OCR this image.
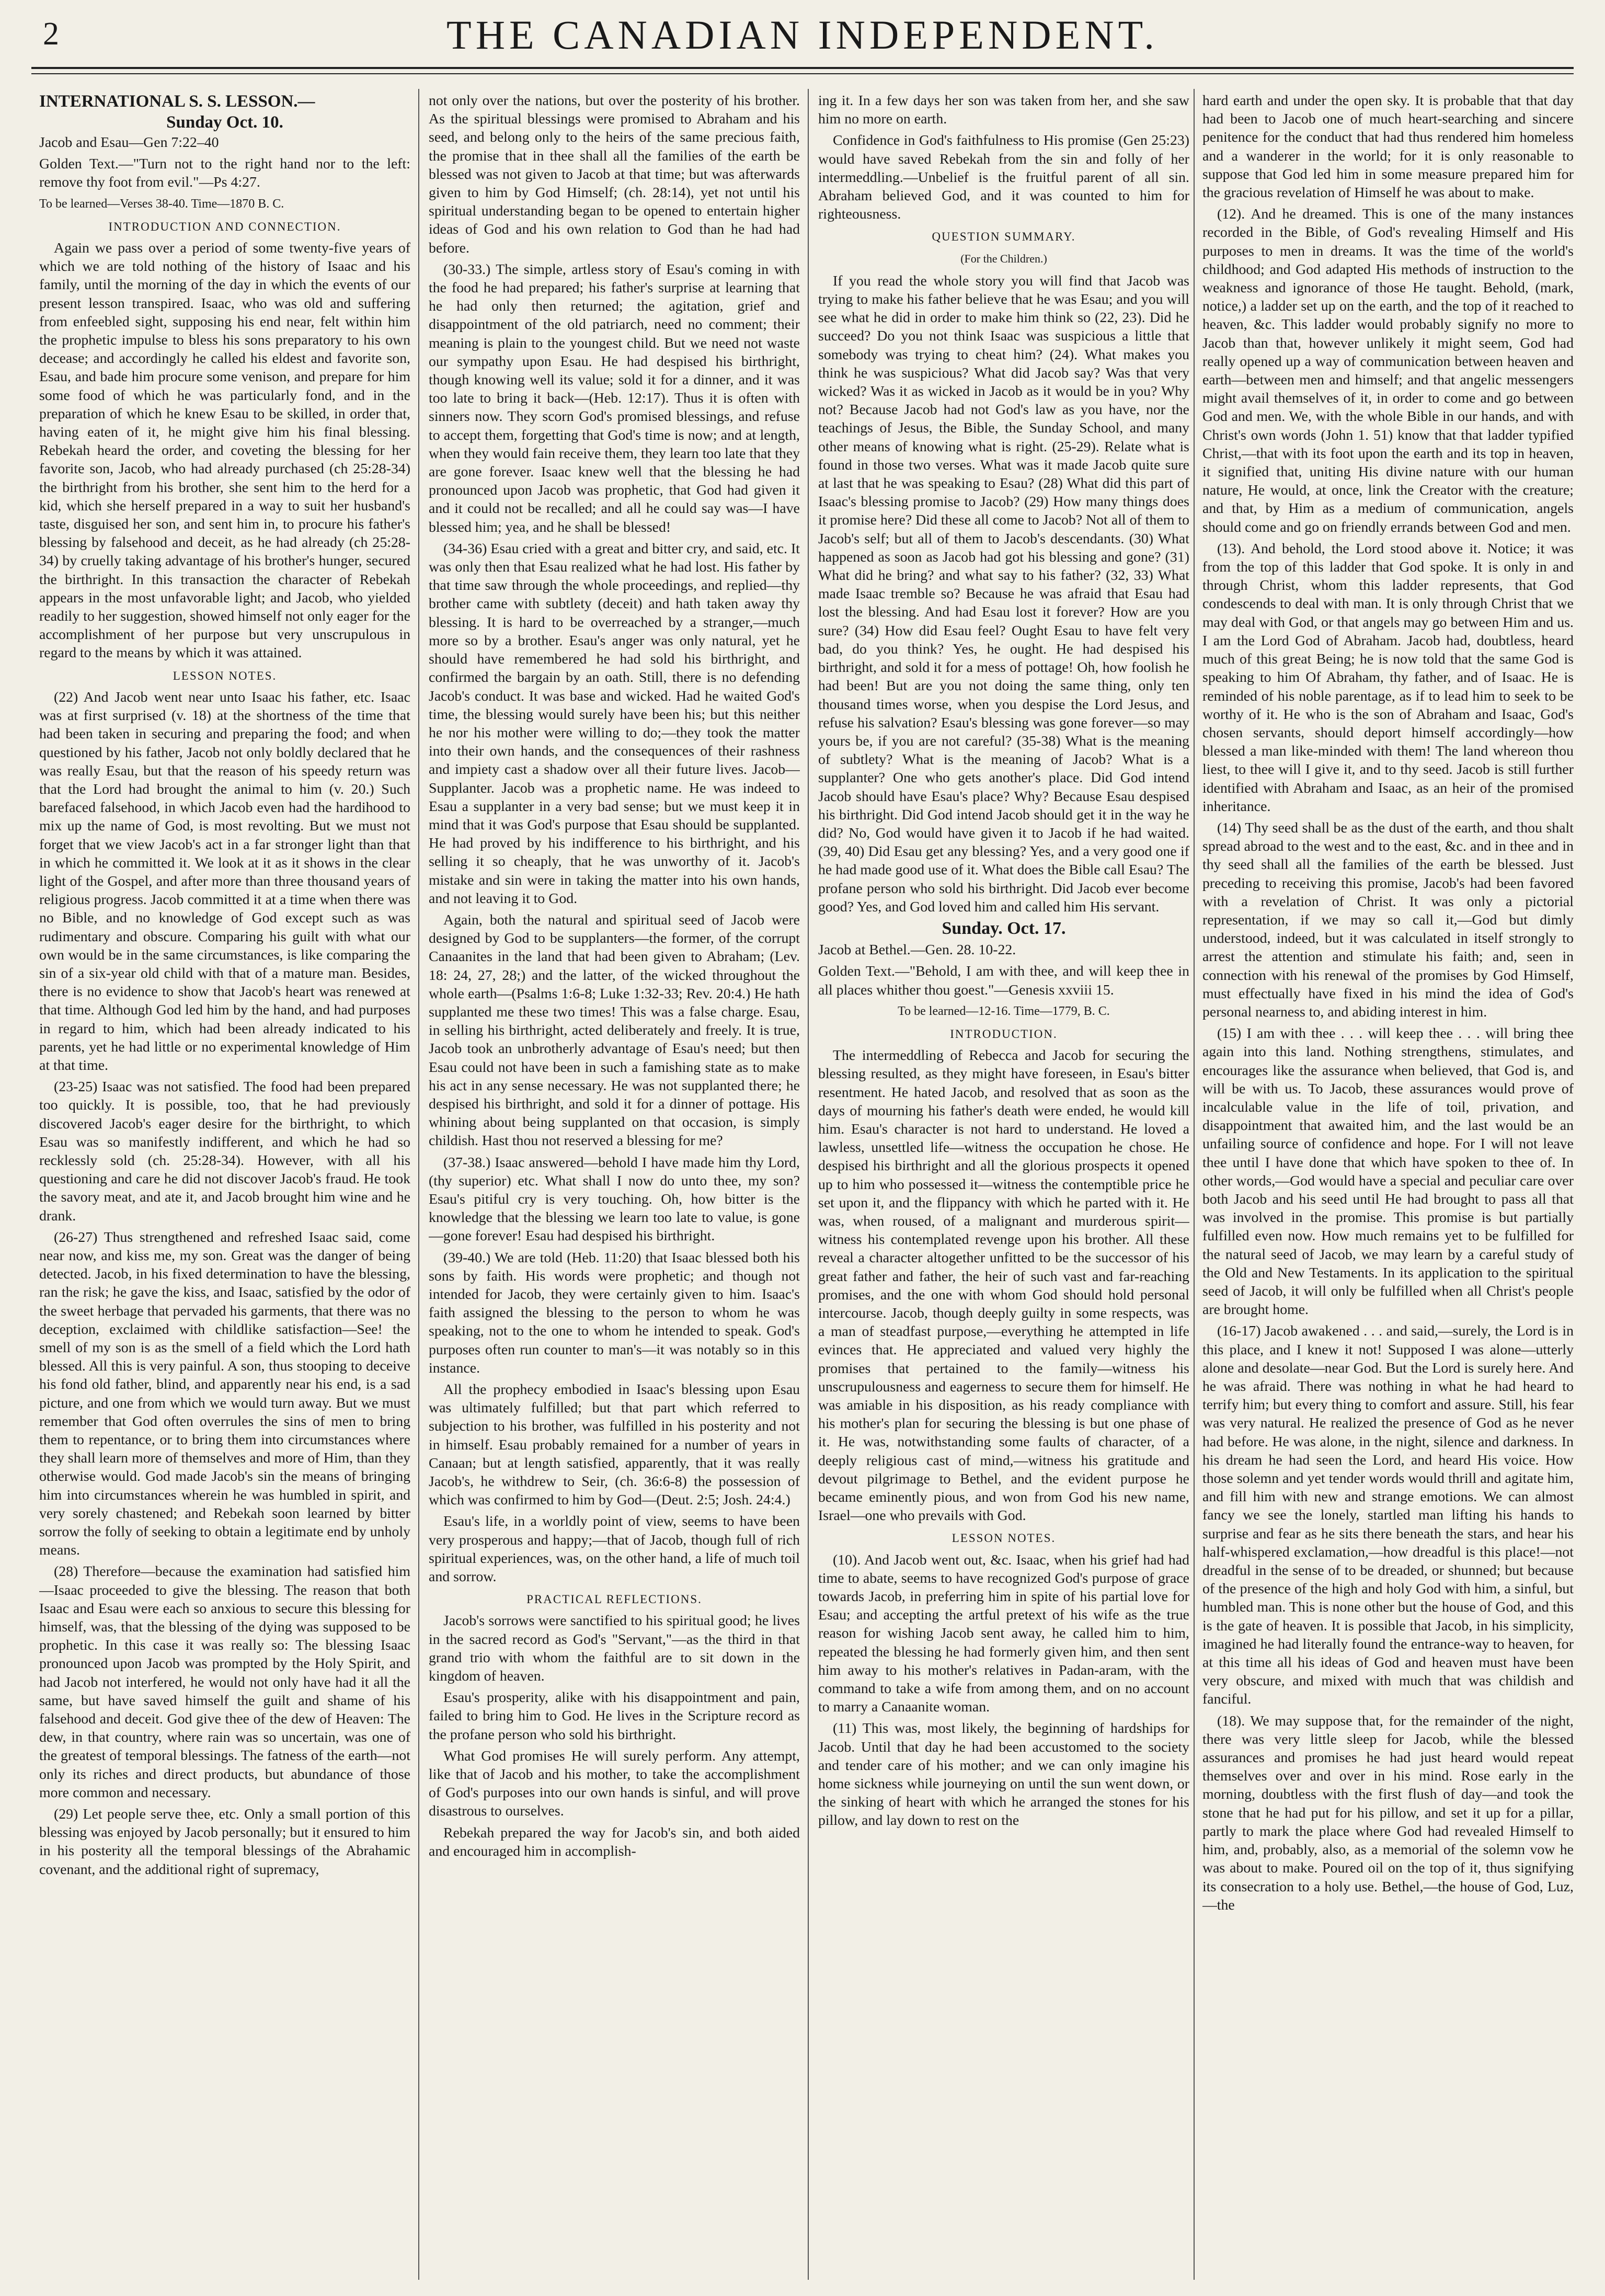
2	THE CANADIAN INDEPENDENT.

INTERNATIONAL S. S. LESSON.—

Sunday Oct. 10.

Jacob and Esau—Gen 7:22–40

Golden Text.—"Turn not to the right hand nor to the left: remove thy foot from evil."—Ps 4:27.

To be learned—Verses 38-40. Time—1870 B. C.

INTRODUCTION AND CONNECTION.

Again we pass over a period of some twenty-five years of which we are told nothing of the history of Isaac and his family, until the morning of the day in which the events of our present lesson transpired. Isaac, who was old and suffering from enfeebled sight, supposing his end near, felt within him the prophetic impulse to bless his sons preparatory to his own decease; and accordingly he called his eldest and favorite son, Esau, and bade him procure some venison, and prepare for him some food of which he was particularly fond, and in the preparation of which he knew Esau to be skilled, in order that, having eaten of it, he might give him his final blessing. Rebekah heard the order, and coveting the blessing for her favorite son, Jacob, who had already purchased (ch 25:28-34) the birthright from his brother, she sent him to the herd for a kid, which she herself prepared in a way to suit her husband's taste, disguised her son, and sent him in, to procure his father's blessing by falsehood and deceit, as he had already (ch 25:28-34) by cruelly taking advantage of his brother's hunger, secured the birthright. In this transaction the character of Rebekah appears in the most unfavorable light; and Jacob, who yielded readily to her suggestion, showed himself not only eager for the accomplishment of her purpose but very unscrupulous in regard to the means by which it was attained.

LESSON NOTES.

(22) And Jacob went near unto Isaac his father, etc. Isaac was at first surprised (v. 18) at the shortness of the time that had been taken in securing and preparing the food; and when questioned by his father, Jacob not only boldly declared that he was really Esau, but that the reason of his speedy return was that the Lord had brought the animal to him (v. 20.) Such barefaced falsehood, in which Jacob even had the hardihood to mix up the name of God, is most revolting. But we must not forget that we view Jacob's act in a far stronger light than that in which he committed it. We look at it as it shows in the clear light of the Gospel, and after more than three thousand years of religious progress. Jacob committed it at a time when there was no Bible, and no knowledge of God except such as was rudimentary and obscure. Comparing his guilt with what our own would be in the same circumstances, is like comparing the sin of a six-year old child with that of a mature man. Besides, there is no evidence to show that Jacob's heart was renewed at that time. Although God led him by the hand, and had purposes in regard to him, which had been already indicated to his parents, yet he had little or no experimental knowledge of Him at that time.

(23-25) Isaac was not satisfied. The food had been prepared too quickly. It is possible, too, that he had previously discovered Jacob's eager desire for the birthright, to which Esau was so manifestly indifferent, and which he had so recklessly sold (ch. 25:28-34). However, with all his questioning and care he did not discover Jacob's fraud. He took the savory meat, and ate it, and Jacob brought him wine and he drank.

(26-27) Thus strengthened and refreshed Isaac said, come near now, and kiss me, my son. Great was the danger of being detected. Jacob, in his fixed determination to have the blessing, ran the risk; he gave the kiss, and Isaac, satisfied by the odor of the sweet herbage that pervaded his garments, that there was no deception, exclaimed with childlike satisfaction—See! the smell of my son is as the smell of a field which the Lord hath blessed. All this is very painful. A son, thus stooping to deceive his fond old father, blind, and apparently near his end, is a sad picture, and one from which we would turn away. But we must remember that God often overrules the sins of men to bring them to repentance, or to bring them into circumstances where they shall learn more of themselves and more of Him, than they otherwise would. God made Jacob's sin the means of bringing him into circumstances wherein he was humbled in spirit, and very sorely chastened; and Rebekah soon learned by bitter sorrow the folly of seeking to obtain a legitimate end by unholy means.

(28) Therefore—because the examination had satisfied him—Isaac proceeded to give the blessing. The reason that both Isaac and Esau were each so anxious to secure this blessing for himself, was, that the blessing of the dying was supposed to be prophetic. In this case it was really so: The blessing Isaac pronounced upon Jacob was prompted by the Holy Spirit, and had Jacob not interfered, he would not only have had it all the same, but have saved himself the guilt and shame of his falsehood and deceit. God give thee of the dew of Heaven: The dew, in that country, where rain was so uncertain, was one of the greatest of temporal blessings. The fatness of the earth—not only its riches and direct products, but abundance of those more common and necessary.

(29) Let people serve thee, etc. Only a small portion of this blessing was enjoyed by Jacob personally; but it ensured to him in his posterity all the temporal blessings of the Abrahamic covenant, and the additional right of supremacy,

not only over the nations, but over the posterity of his brother. As the spiritual blessings were promised to Abraham and his seed, and belong only to the heirs of the same precious faith, the promise that in thee shall all the families of the earth be blessed was not given to Jacob at that time; but was afterwards given to him by God Himself; (ch. 28:14), yet not until his spiritual understanding began to be opened to entertain higher ideas of God and his own relation to God than he had had before.

(30-33.) The simple, artless story of Esau's coming in with the food he had prepared; his father's surprise at learning that he had only then returned; the agitation, grief and disappointment of the old patriarch, need no comment; their meaning is plain to the youngest child. But we need not waste our sympathy upon Esau. He had despised his birthright, though knowing well its value; sold it for a dinner, and it was too late to bring it back—(Heb. 12:17). Thus it is often with sinners now. They scorn God's promised blessings, and refuse to accept them, forgetting that God's time is now; and at length, when they would fain receive them, they learn too late that they are gone forever. Isaac knew well that the blessing he had pronounced upon Jacob was prophetic, that God had given it and it could not be recalled; and all he could say was—I have blessed him; yea, and he shall be blessed!

(34-36) Esau cried with a great and bitter cry, and said, etc. It was only then that Esau realized what he had lost. His father by that time saw through the whole proceedings, and replied—thy brother came with subtlety (deceit) and hath taken away thy blessing. It is hard to be overreached by a stranger,—much more so by a brother. Esau's anger was only natural, yet he should have remembered he had sold his birthright, and confirmed the bargain by an oath. Still, there is no defending Jacob's conduct. It was base and wicked. Had he waited God's time, the blessing would surely have been his; but this neither he nor his mother were willing to do;—they took the matter into their own hands, and the consequences of their rashness and impiety cast a shadow over all their future lives. Jacob—Supplanter. Jacob was a prophetic name. He was indeed to Esau a supplanter in a very bad sense; but we must keep it in mind that it was God's purpose that Esau should be supplanted. He had proved by his indifference to his birthright, and his selling it so cheaply, that he was unworthy of it. Jacob's mistake and sin were in taking the matter into his own hands, and not leaving it to God.

Again, both the natural and spiritual seed of Jacob were designed by God to be supplanters—the former, of the corrupt Canaanites in the land that had been given to Abraham; (Lev. 18: 24, 27, 28;) and the latter, of the wicked throughout the whole earth—(Psalms 1:6-8; Luke 1:32-33; Rev. 20:4.) He hath supplanted me these two times! This was a false charge. Esau, in selling his birthright, acted deliberately and freely. It is true, Jacob took an unbrotherly advantage of Esau's need; but then Esau could not have been in such a famishing state as to make his act in any sense necessary. He was not supplanted there; he despised his birthright, and sold it for a dinner of pottage. His whining about being supplanted on that occasion, is simply childish. Hast thou not reserved a blessing for me?

(37-38.) Isaac answered—behold I have made him thy Lord, (thy superior) etc. What shall I now do unto thee, my son? Esau's pitiful cry is very touching. Oh, how bitter is the knowledge that the blessing we learn too late to value, is gone—gone forever! Esau had despised his birthright.

(39-40.) We are told (Heb. 11:20) that Isaac blessed both his sons by faith. His words were prophetic; and though not intended for Jacob, they were certainly given to him. Isaac's faith assigned the blessing to the person to whom he was speaking, not to the one to whom he intended to speak. God's purposes often run counter to man's—it was notably so in this instance.

All the prophecy embodied in Isaac's blessing upon Esau was ultimately fulfilled; but that part which referred to subjection to his brother, was fulfilled in his posterity and not in himself. Esau probably remained for a number of years in Canaan; but at length satisfied, apparently, that it was really Jacob's, he withdrew to Seir, (ch. 36:6-8) the possession of which was confirmed to him by God—(Deut. 2:5; Josh. 24:4.)

Esau's life, in a worldly point of view, seems to have been very prosperous and happy;—that of Jacob, though full of rich spiritual experiences, was, on the other hand, a life of much toil and sorrow.

PRACTICAL REFLECTIONS.

Jacob's sorrows were sanctified to his spiritual good; he lives in the sacred record as God's "Servant,"—as the third in that grand trio with whom the faithful are to sit down in the kingdom of heaven.

Esau's prosperity, alike with his disappointment and pain, failed to bring him to God. He lives in the Scripture record as the profane person who sold his birthright.

What God promises He will surely perform. Any attempt, like that of Jacob and his mother, to take the accomplishment of God's purposes into our own hands is sinful, and will prove disastrous to ourselves.

Rebekah prepared the way for Jacob's sin, and both aided and encouraged him in accomplish-

ing it. In a few days her son was taken from her, and she saw him no more on earth.

Confidence in God's faithfulness to His promise (Gen 25:23) would have saved Rebekah from the sin and folly of her intermeddling.—Unbelief is the fruitful parent of all sin. Abraham believed God, and it was counted to him for righteousness.

QUESTION SUMMARY.

(For the Children.)

If you read the whole story you will find that Jacob was trying to make his father believe that he was Esau; and you will see what he did in order to make him think so (22, 23). Did he succeed? Do you not think Isaac was suspicious a little that somebody was trying to cheat him? (24). What makes you think he was suspicious? What did Jacob say? Was that very wicked? Was it as wicked in Jacob as it would be in you? Why not? Because Jacob had not God's law as you have, nor the teachings of Jesus, the Bible, the Sunday School, and many other means of knowing what is right. (25-29). Relate what is found in those two verses. What was it made Jacob quite sure at last that he was speaking to Esau? (28) What did this part of Isaac's blessing promise to Jacob? (29) How many things does it promise here? Did these all come to Jacob? Not all of them to Jacob's self; but all of them to Jacob's descendants. (30) What happened as soon as Jacob had got his blessing and gone? (31) What did he bring? and what say to his father? (32, 33) What made Isaac tremble so? Because he was afraid that Esau had lost the blessing. And had Esau lost it forever? How are you sure? (34) How did Esau feel? Ought Esau to have felt very bad, do you think? Yes, he ought. He had despised his birthright, and sold it for a mess of pottage! Oh, how foolish he had been! But are you not doing the same thing, only ten thousand times worse, when you despise the Lord Jesus, and refuse his salvation? Esau's blessing was gone forever—so may yours be, if you are not careful? (35-38) What is the meaning of subtlety? What is the meaning of Jacob? What is a supplanter? One who gets another's place. Did God intend Jacob should have Esau's place? Why? Because Esau despised his birthright. Did God intend Jacob should get it in the way he did? No, God would have given it to Jacob if he had waited. (39, 40) Did Esau get any blessing? Yes, and a very good one if he had made good use of it. What does the Bible call Esau? The profane person who sold his birthright. Did Jacob ever become good? Yes, and God loved him and called him His servant.

Sunday. Oct. 17.

Jacob at Bethel.—Gen. 28. 10-22.

Golden Text.—"Behold, I am with thee, and will keep thee in all places whither thou goest."—Genesis xxviii 15.

To be learned—12-16. Time—1779, B. C.

INTRODUCTION.

The intermeddling of Rebecca and Jacob for securing the blessing resulted, as they might have foreseen, in Esau's bitter resentment. He hated Jacob, and resolved that as soon as the days of mourning his father's death were ended, he would kill him. Esau's character is not hard to understand. He loved a lawless, unsettled life—witness the occupation he chose. He despised his birthright and all the glorious prospects it opened up to him who possessed it—witness the contemptible price he set upon it, and the flippancy with which he parted with it. He was, when roused, of a malignant and murderous spirit—witness his contemplated revenge upon his brother. All these reveal a character altogether unfitted to be the successor of his great father and father, the heir of such vast and far-reaching promises, and the one with whom God should hold personal intercourse. Jacob, though deeply guilty in some respects, was a man of steadfast purpose,—everything he attempted in life evinces that. He appreciated and valued very highly the promises that pertained to the family—witness his unscrupulousness and eagerness to secure them for himself. He was amiable in his disposition, as his ready compliance with his mother's plan for securing the blessing is but one phase of it. He was, notwithstanding some faults of character, of a deeply religious cast of mind,—witness his gratitude and devout pilgrimage to Bethel, and the evident purpose he became eminently pious, and won from God his new name, Israel—one who prevails with God.

LESSON NOTES.

(10). And Jacob went out, &c. Isaac, when his grief had had time to abate, seems to have recognized God's purpose of grace towards Jacob, in preferring him in spite of his partial love for Esau; and accepting the artful pretext of his wife as the true reason for wishing Jacob sent away, he called him to him, repeated the blessing he had formerly given him, and then sent him away to his mother's relatives in Padan-aram, with the command to take a wife from among them, and on no account to marry a Canaanite woman.

(11) This was, most likely, the beginning of hardships for Jacob. Until that day he had been accustomed to the society and tender care of his mother; and we can only imagine his home sickness while journeying on until the sun went down, or the sinking of heart with which he arranged the stones for his pillow, and lay down to rest on the

hard earth and under the open sky. It is probable that that day had been to Jacob one of much heart-searching and sincere penitence for the conduct that had thus rendered him homeless and a wanderer in the world; for it is only reasonable to suppose that God led him in some measure prepared him for the gracious revelation of Himself he was about to make.

(12). And he dreamed. This is one of the many instances recorded in the Bible, of God's revealing Himself and His purposes to men in dreams. It was the time of the world's childhood; and God adapted His methods of instruction to the weakness and ignorance of those He taught. Behold, (mark, notice,) a ladder set up on the earth, and the top of it reached to heaven, &c. This ladder would probably signify no more to Jacob than that, however unlikely it might seem, God had really opened up a way of communication between heaven and earth—between men and himself; and that angelic messengers might avail themselves of it, in order to come and go between God and men. We, with the whole Bible in our hands, and with Christ's own words (John 1. 51) know that that ladder typified Christ,—that with its foot upon the earth and its top in heaven, it signified that, uniting His divine nature with our human nature, He would, at once, link the Creator with the creature; and that, by Him as a medium of communication, angels should come and go on friendly errands between God and men.

(13). And behold, the Lord stood above it. Notice; it was from the top of this ladder that God spoke. It is only in and through Christ, whom this ladder represents, that God condescends to deal with man. It is only through Christ that we may deal with God, or that angels may go between Him and us. I am the Lord God of Abraham. Jacob had, doubtless, heard much of this great Being; he is now told that the same God is speaking to him Of Abraham, thy father, and of Isaac. He is reminded of his noble parentage, as if to lead him to seek to be worthy of it. He who is the son of Abraham and Isaac, God's chosen servants, should deport himself accordingly—how blessed a man like-minded with them! The land whereon thou liest, to thee will I give it, and to thy seed. Jacob is still further identified with Abraham and Isaac, as an heir of the promised inheritance.

(14) Thy seed shall be as the dust of the earth, and thou shalt spread abroad to the west and to the east, &c. and in thee and in thy seed shall all the families of the earth be blessed. Just preceding to receiving this promise, Jacob's had been favored with a revelation of Christ. It was only a pictorial representation, if we may so call it,—God but dimly understood, indeed, but it was calculated in itself strongly to arrest the attention and stimulate his faith; and, seen in connection with his renewal of the promises by God Himself, must effectually have fixed in his mind the idea of God's personal nearness to, and abiding interest in him.

(15) I am with thee . . . will keep thee . . . will bring thee again into this land. Nothing strengthens, stimulates, and encourages like the assurance when believed, that God is, and will be with us. To Jacob, these assurances would prove of incalculable value in the life of toil, privation, and disappointment that awaited him, and the last would be an unfailing source of confidence and hope. For I will not leave thee until I have done that which have spoken to thee of. In other words,—God would have a special and peculiar care over both Jacob and his seed until He had brought to pass all that was involved in the promise. This promise is but partially fulfilled even now. How much remains yet to be fulfilled for the natural seed of Jacob, we may learn by a careful study of the Old and New Testaments. In its application to the spiritual seed of Jacob, it will only be fulfilled when all Christ's people are brought home.

(16-17) Jacob awakened . . . and said,—surely, the Lord is in this place, and I knew it not! Supposed I was alone—utterly alone and desolate—near God. But the Lord is surely here. And he was afraid. There was nothing in what he had heard to terrify him; but every thing to comfort and assure. Still, his fear was very natural. He realized the presence of God as he never had before. He was alone, in the night, silence and darkness. In his dream he had seen the Lord, and heard His voice. How those solemn and yet tender words would thrill and agitate him, and fill him with new and strange emotions. We can almost fancy we see the lonely, startled man lifting his hands to surprise and fear as he sits there beneath the stars, and hear his half-whispered exclamation,—how dreadful is this place!—not dreadful in the sense of to be dreaded, or shunned; but because of the presence of the high and holy God with him, a sinful, but humbled man. This is none other but the house of God, and this is the gate of heaven. It is possible that Jacob, in his simplicity, imagined he had literally found the entrance-way to heaven, for at this time all his ideas of God and heaven must have been very obscure, and mixed with much that was childish and fanciful.

(18). We may suppose that, for the remainder of the night, there was very little sleep for Jacob, while the blessed assurances and promises he had just heard would repeat themselves over and over in his mind. Rose early in the morning, doubtless with the first flush of day—and took the stone that he had put for his pillow, and set it up for a pillar, partly to mark the place where God had revealed Himself to him, and, probably, also, as a memorial of the solemn vow he was about to make. Poured oil on the top of it, thus signifying its consecration to a holy use. Bethel,—the house of God, Luz,—the
